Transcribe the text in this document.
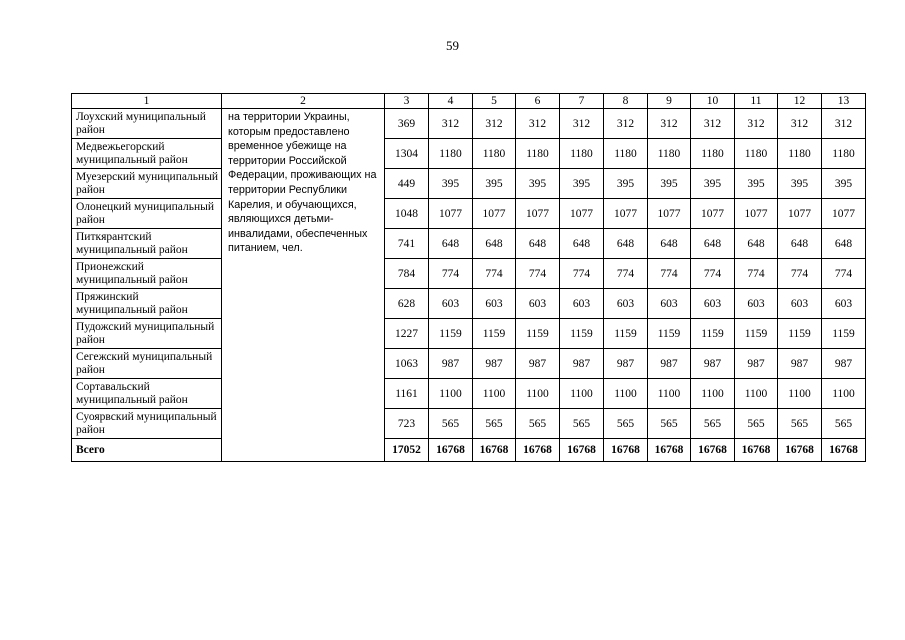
59
1	2	3	4	5	6	7	8	9	10	11	12	13
Лоухский муниципальный район	на территории Украины, которым предоставлено временное убежище на территории Российской Федерации, проживающих на территории Республики Карелия, и обучающихся, являющихся детьми-инвалидами, обеспеченных питанием, чел.	369	312	312	312	312	312	312	312	312	312	312
Медвежьегорский муниципальный район		1304	1180	1180	1180	1180	1180	1180	1180	1180	1180	1180
Муезерский муниципальный район		449	395	395	395	395	395	395	395	395	395	395
Олонецкий муниципальный район		1048	1077	1077	1077	1077	1077	1077	1077	1077	1077	1077
Питкярантский муниципальный район		741	648	648	648	648	648	648	648	648	648	648
Прионежский муниципальный район		784	774	774	774	774	774	774	774	774	774	774
Пряжинский муниципальный район		628	603	603	603	603	603	603	603	603	603	603
Пудожский муниципальный район		1227	1159	1159	1159	1159	1159	1159	1159	1159	1159	1159
Сегежский муниципальный район		1063	987	987	987	987	987	987	987	987	987	987
Сортавальский муниципальный район		1161	1100	1100	1100	1100	1100	1100	1100	1100	1100	1100
Суоярвский муниципальный район		723	565	565	565	565	565	565	565	565	565	565
Всего		17052	16768	16768	16768	16768	16768	16768	16768	16768	16768	16768
